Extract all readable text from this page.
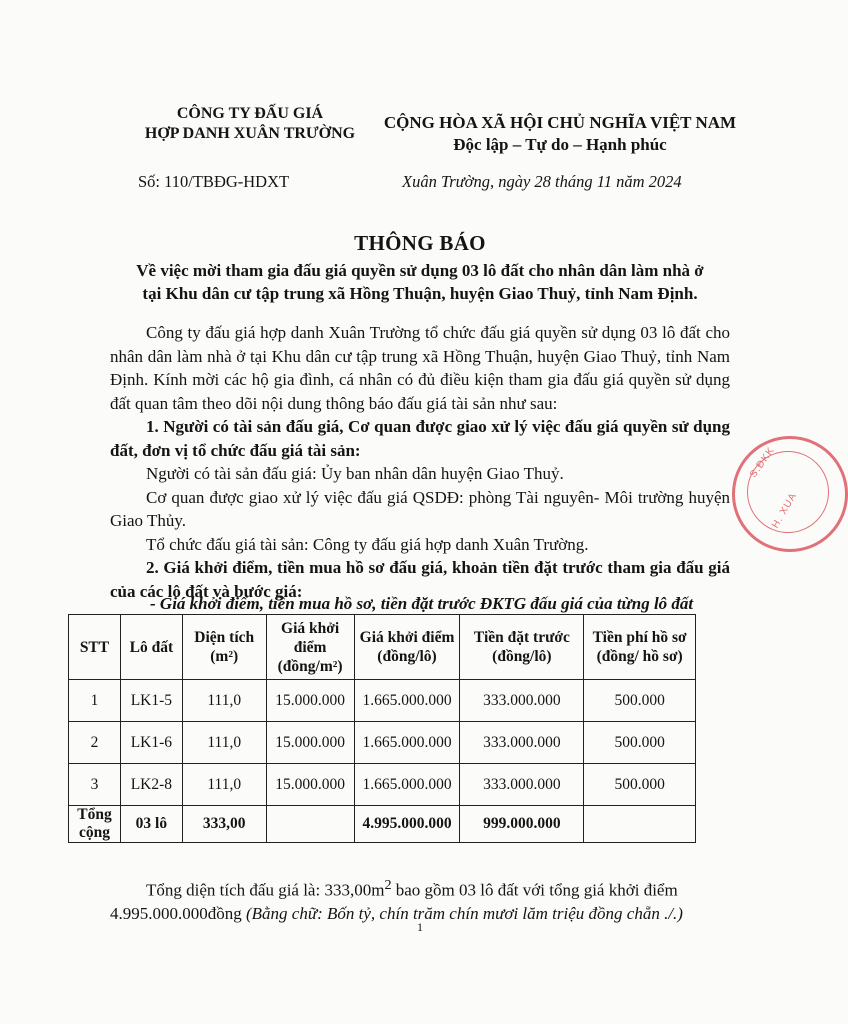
CÔNG TY ĐẤU GIÁ
HỢP DANH XUÂN TRƯỜNG
CỘNG HÒA XÃ HỘI CHỦ NGHĨA VIỆT NAM
Độc lập – Tự do – Hạnh phúc
Số: 110/TBĐG-HDXT	Xuân Trường, ngày 28 tháng 11 năm 2024
THÔNG BÁO
Về việc mời tham gia đấu giá quyền sử dụng 03 lô đất cho nhân dân làm nhà ở
tại Khu dân cư tập trung xã Hồng Thuận, huyện Giao Thuỷ, tỉnh Nam Định.

Công ty đấu giá hợp danh Xuân Trường tổ chức đấu giá quyền sử dụng 03 lô đất cho nhân dân làm nhà ở tại Khu dân cư tập trung xã Hồng Thuận, huyện Giao Thuỷ, tỉnh Nam Định. Kính mời các hộ gia đình, cá nhân có đủ điều kiện tham gia đấu giá quyền sử dụng đất quan tâm theo dõi nội dung thông báo đấu giá tài sản như sau:

1. Người có tài sản đấu giá, Cơ quan được giao xử lý việc đấu giá quyền sử dụng đất, đơn vị tổ chức đấu giá tài sản:

Người có tài sản đấu giá: Ủy ban nhân dân huyện Giao Thuỷ.

Cơ quan được giao xử lý việc đấu giá QSDĐ: phòng Tài nguyên- Môi trường huyện Giao Thủy.

Tổ chức đấu giá tài sản: Công ty đấu giá hợp danh Xuân Trường.

2. Giá khởi điểm, tiền mua hồ sơ đấu giá, khoản tiền đặt trước tham gia đấu giá của các lô đất và bước giá:

- Giá khởi điểm, tiền mua hồ sơ, tiền đặt trước ĐKTG đấu giá của từng lô đất
STT	Lô đất	Diện tích (m²)	Giá khởi điểm (đồng/m²)	Giá khởi điểm (đồng/lô)	Tiền đặt trước (đồng/lô)	Tiền phí hồ sơ (đồng/ hồ sơ)
1	LK1-5	111,0	15.000.000	1.665.000.000	333.000.000	500.000
2	LK1-6	111,0	15.000.000	1.665.000.000	333.000.000	500.000
3	LK2-8	111,0	15.000.000	1.665.000.000	333.000.000	500.000
Tổng cộng	03 lô	333,00		4.995.000.000	999.000.000	

Tổng diện tích đấu giá là: $333,00m^2$ bao gồm 03 lô đất với tổng giá khởi điểm 4.995.000.000đồng (Bằng chữ: Bốn tỷ, chín trăm chín mươi lăm triệu đồng chẵn ./.)

1
S.ĐKK
H. XUA
